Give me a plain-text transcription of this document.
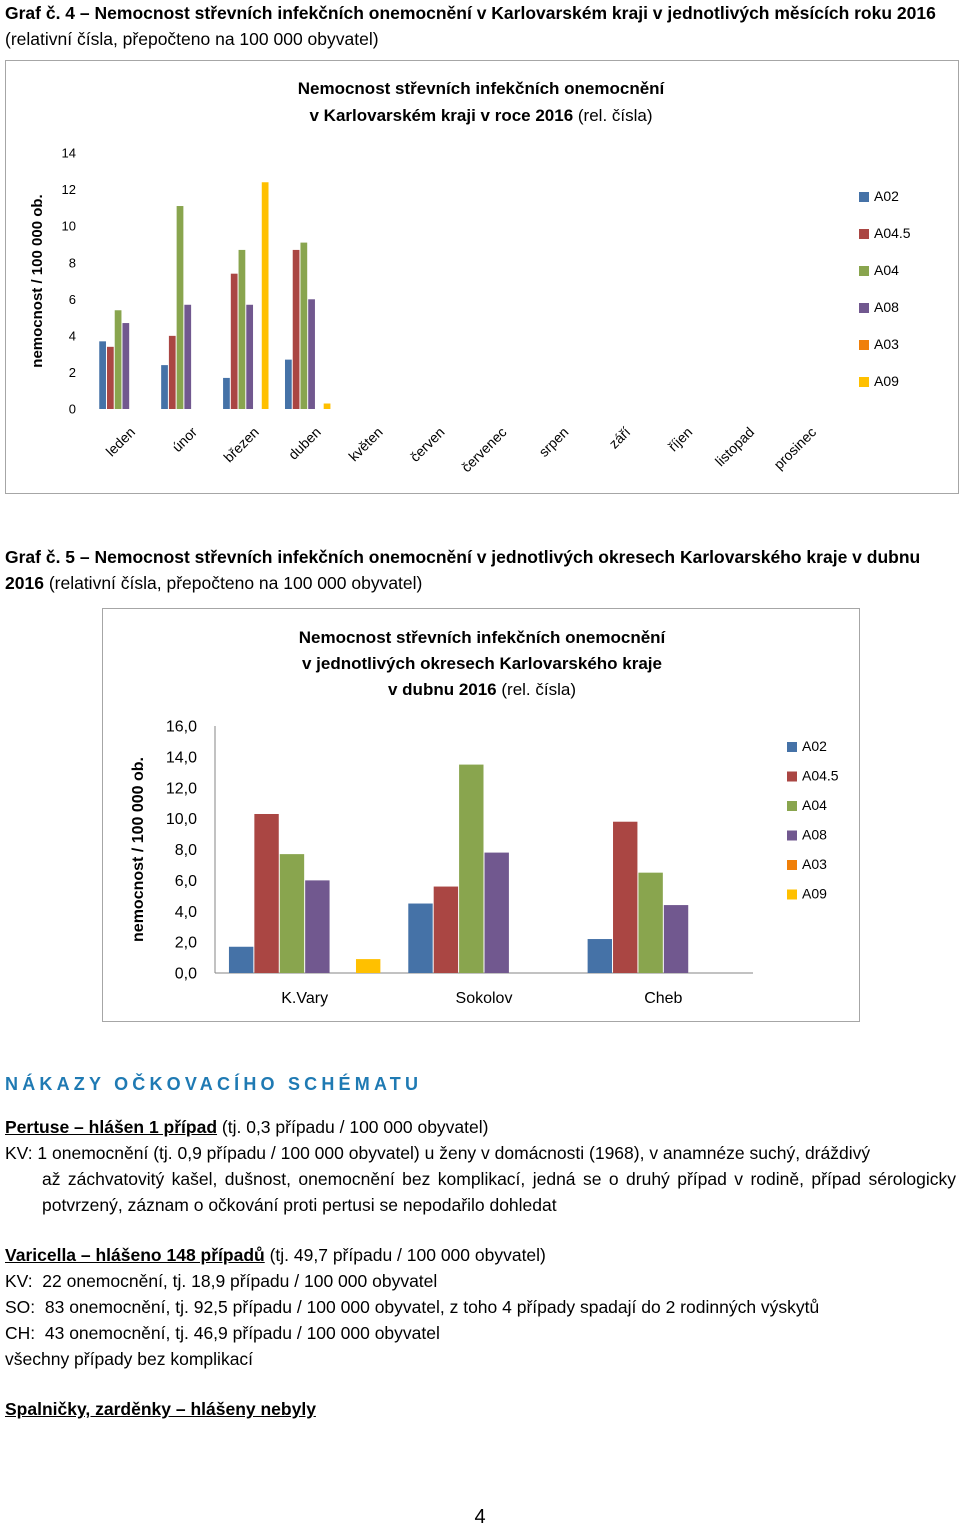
Graf č. 4 – Nemocnost střevních infekčních onemocnění v Karlovarském kraji v jednotlivých měsících roku 2016 (relativní čísla, přepočteno na 100 000 obyvatel)
Nemocnost střevních infekčních onemocnění
v Karlovarském kraji v roce 2016 (rel. čísla)
nemocnost / 100 000 ob.
0
2
4
6
8
10
12
14
leden únor březen duben květen červen červenec srpen září říjen listopad prosinec
A02
A04.5
A04
A08
A03
A09
Graf č. 5 – Nemocnost střevních infekčních onemocnění v jednotlivých okresech Karlovarského kraje v dubnu 2016 (relativní čísla, přepočteno na 100 000 obyvatel)
Nemocnost střevních infekčních onemocnění
v jednotlivých okresech Karlovarského kraje
v dubnu 2016 (rel. čísla)
nemocnost / 100 000 ob.
0,0
2,0
4,0
6,0
8,0
10,0
12,0
14,0
16,0
K.Vary	Sokolov	Cheb
A02
A04.5
A04
A08
A03
A09
NÁKAZY OČKOVACÍHO SCHÉMATU
Pertuse – hlášen 1 případ (tj. 0,3 případu / 100 000 obyvatel)
KV: 1 onemocnění (tj. 0,9 případu / 100 000 obyvatel) u ženy v domácnosti (1968), v anamnéze suchý, dráždivý
až záchvatovitý kašel, dušnost, onemocnění bez komplikací, jedná se o druhý případ v rodině, případ sérologicky potvrzený, záznam o očkování proti pertusi se nepodařilo dohledat
Varicella – hlášeno 148 případů (tj. 49,7 případu / 100 000 obyvatel)
KV:  22 onemocnění, tj. 18,9 případu / 100 000 obyvatel
SO:  83 onemocnění, tj. 92,5 případu / 100 000 obyvatel, z toho 4 případy spadají do 2 rodinných výskytů
CH:  43 onemocnění, tj. 46,9 případu / 100 000 obyvatel
všechny případy bez komplikací
Spalničky, zarděnky – hlášeny nebyly
4
